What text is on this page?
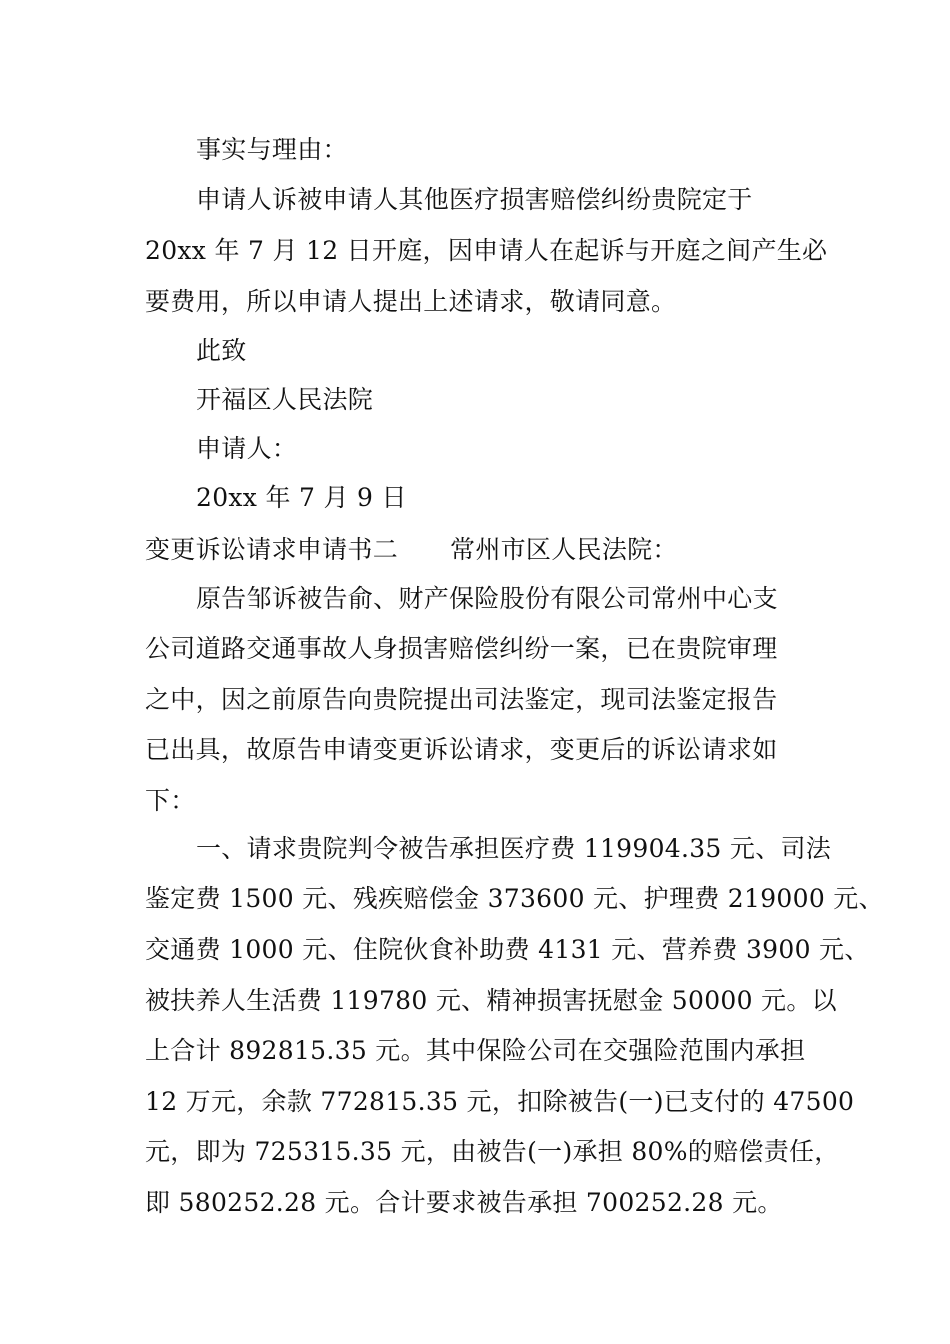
事实与理由：
申请人诉被申请人其他医疗损害赔偿纠纷贵院定于
20xx 年 7 月 12 日开庭，因申请人在起诉与开庭之间产生必
要费用，所以申请人提出上述请求，敬请同意。
此致
开福区人民法院
申请人：
20xx 年 7 月 9 日
变更诉讼请求申请书二 常州市区人民法院：
原告邹诉被告俞、财产保险股份有限公司常州中心支
公司道路交通事故人身损害赔偿纠纷一案，已在贵院审理
之中，因之前原告向贵院提出司法鉴定，现司法鉴定报告
已出具，故原告申请变更诉讼请求，变更后的诉讼请求如
下：
一、请求贵院判令被告承担医疗费 119904.35 元、司法
鉴定费 1500 元、残疾赔偿金 373600 元、护理费 219000 元、
交通费 1000 元、住院伙食补助费 4131 元、营养费 3900 元、
被扶养人生活费 119780 元、精神损害抚慰金 50000 元。以
上合计 892815.35 元。其中保险公司在交强险范围内承担
12 万元，余款 772815.35 元，扣除被告(一)已支付的 47500
元，即为 725315.35 元，由被告(一)承担 80%的赔偿责任，
即 580252.28 元。合计要求被告承担 700252.28 元。
